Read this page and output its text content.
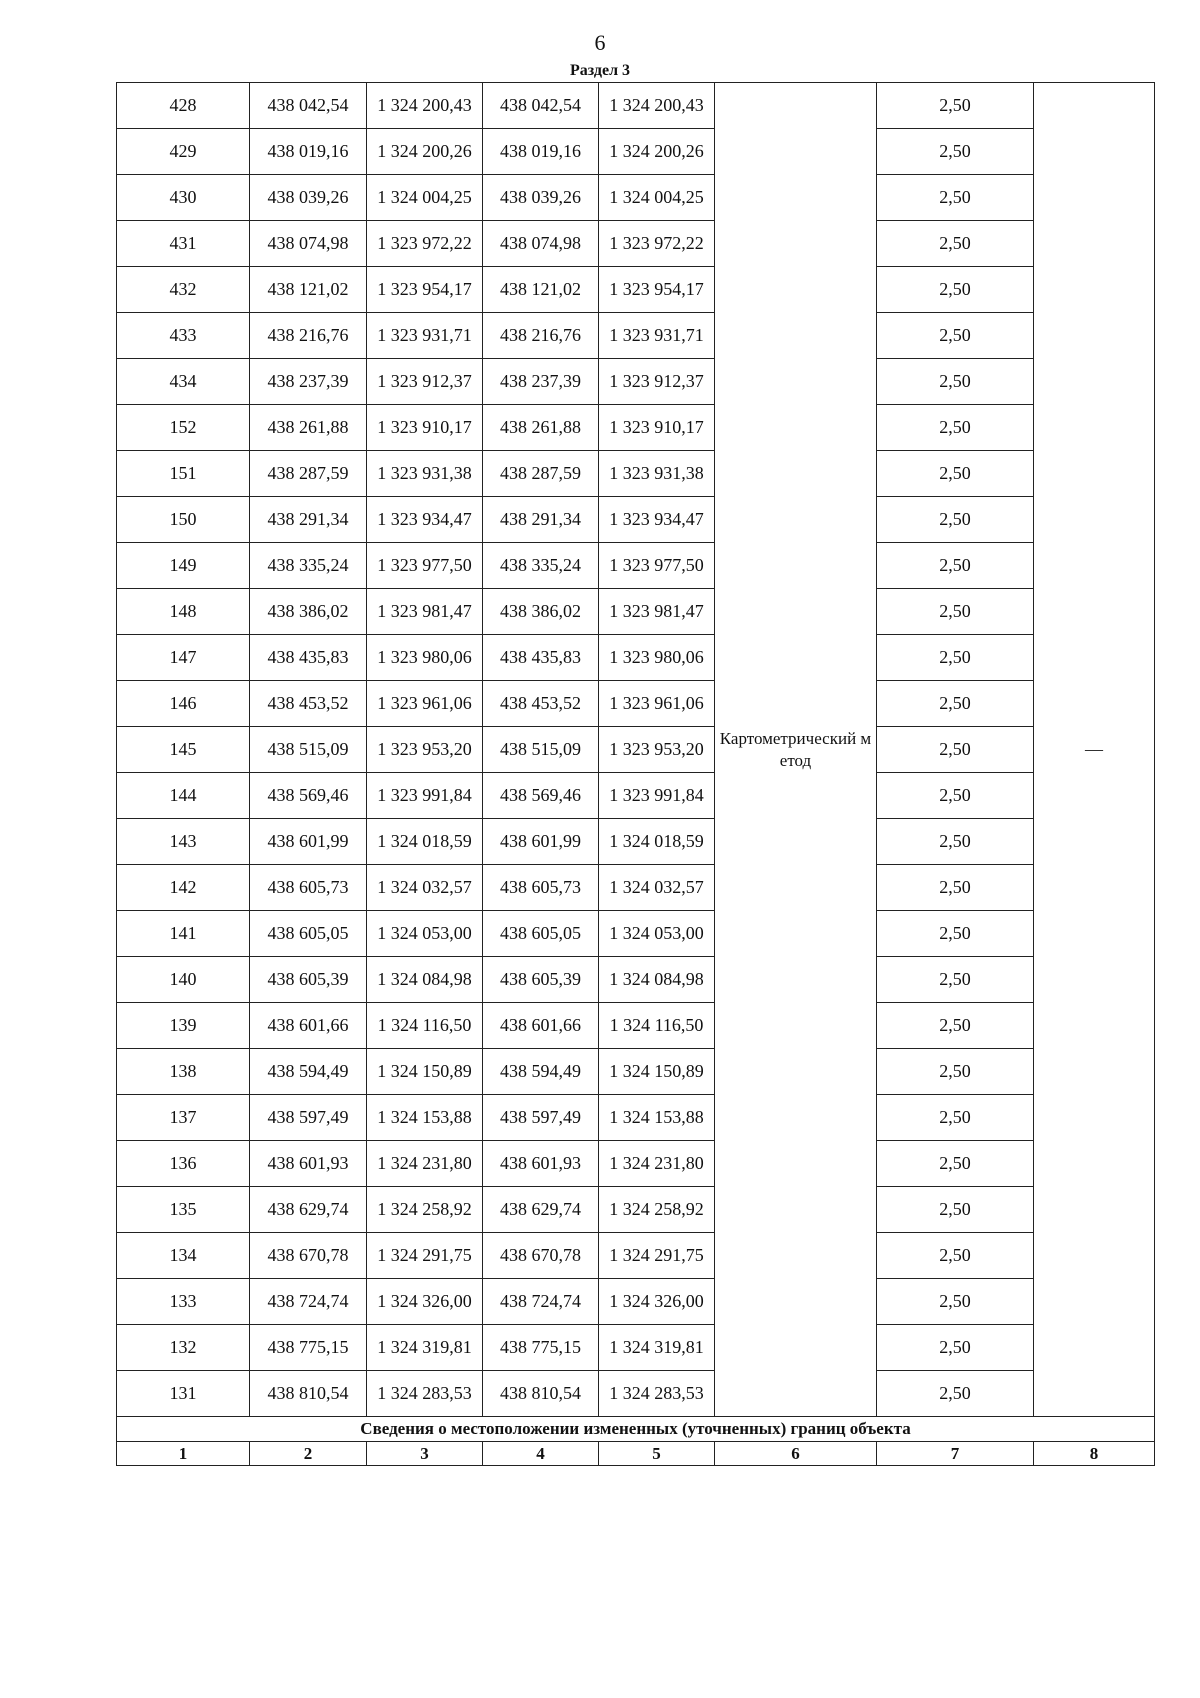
6
Раздел 3
428	438 042,54	1 324 200,43	438 042,54	1 324 200,43	Картометрический метод	2,50	—
429	438 019,16	1 324 200,26	438 019,16	1 324 200,26		2,50	
430	438 039,26	1 324 004,25	438 039,26	1 324 004,25		2,50	
431	438 074,98	1 323 972,22	438 074,98	1 323 972,22		2,50	
432	438 121,02	1 323 954,17	438 121,02	1 323 954,17		2,50	
433	438 216,76	1 323 931,71	438 216,76	1 323 931,71		2,50	
434	438 237,39	1 323 912,37	438 237,39	1 323 912,37		2,50	
152	438 261,88	1 323 910,17	438 261,88	1 323 910,17		2,50	
151	438 287,59	1 323 931,38	438 287,59	1 323 931,38		2,50	
150	438 291,34	1 323 934,47	438 291,34	1 323 934,47		2,50	
149	438 335,24	1 323 977,50	438 335,24	1 323 977,50		2,50	
148	438 386,02	1 323 981,47	438 386,02	1 323 981,47		2,50	
147	438 435,83	1 323 980,06	438 435,83	1 323 980,06		2,50	
146	438 453,52	1 323 961,06	438 453,52	1 323 961,06		2,50	
145	438 515,09	1 323 953,20	438 515,09	1 323 953,20		2,50	
144	438 569,46	1 323 991,84	438 569,46	1 323 991,84		2,50	
143	438 601,99	1 324 018,59	438 601,99	1 324 018,59		2,50	
142	438 605,73	1 324 032,57	438 605,73	1 324 032,57		2,50	
141	438 605,05	1 324 053,00	438 605,05	1 324 053,00		2,50	
140	438 605,39	1 324 084,98	438 605,39	1 324 084,98		2,50	
139	438 601,66	1 324 116,50	438 601,66	1 324 116,50		2,50	
138	438 594,49	1 324 150,89	438 594,49	1 324 150,89		2,50	
137	438 597,49	1 324 153,88	438 597,49	1 324 153,88		2,50	
136	438 601,93	1 324 231,80	438 601,93	1 324 231,80		2,50	
135	438 629,74	1 324 258,92	438 629,74	1 324 258,92		2,50	
134	438 670,78	1 324 291,75	438 670,78	1 324 291,75		2,50	
133	438 724,74	1 324 326,00	438 724,74	1 324 326,00		2,50	
132	438 775,15	1 324 319,81	438 775,15	1 324 319,81		2,50	
131	438 810,54	1 324 283,53	438 810,54	1 324 283,53		2,50	
Сведения о местоположении измененных (уточненных) границ объекта							
1	2	3	4	5	6	7	8
